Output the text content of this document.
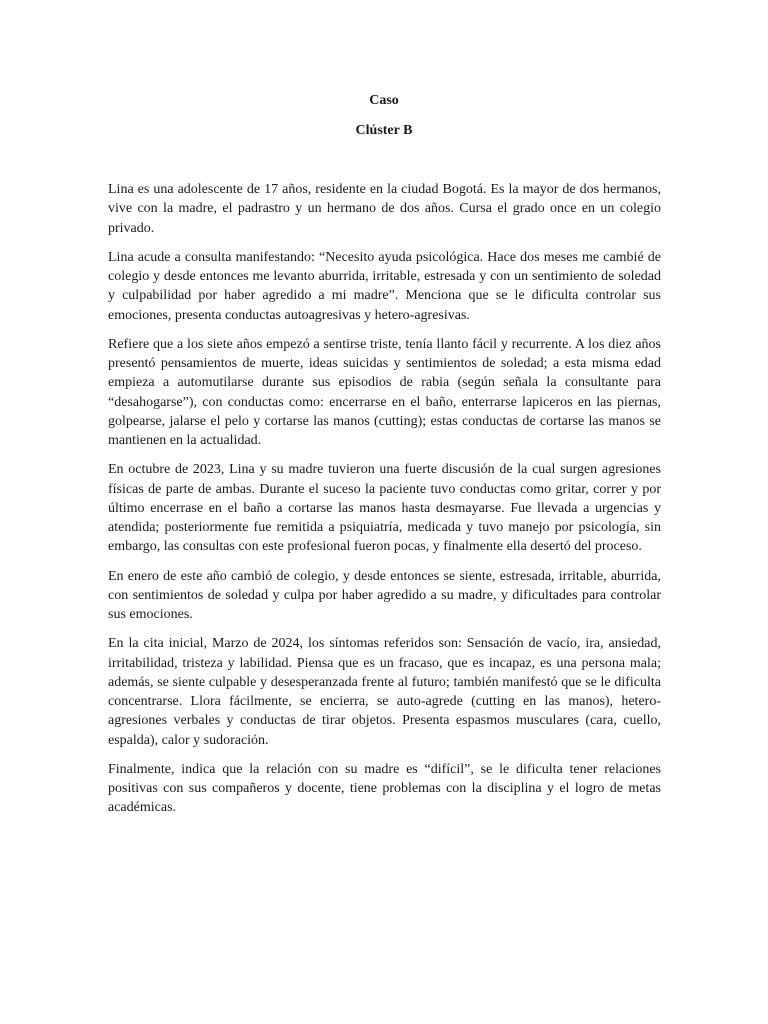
Caso

Clúster B

Lina es una adolescente de 17 años, residente en la ciudad Bogotá. Es la mayor de dos hermanos, vive con la madre, el padrastro y un hermano de dos años. Cursa el grado once en un colegio privado.

Lina acude a consulta manifestando: “Necesito ayuda psicológica. Hace dos meses me cambié de colegio y desde entonces me levanto aburrida, irritable, estresada y con un sentimiento de soledad y culpabilidad por haber agredido a mi madre”. Menciona que se le dificulta controlar sus emociones, presenta conductas autoagresivas y hetero-agresivas.

Refiere que a los siete años empezó a sentirse triste, tenía llanto fácil y recurrente. A los diez años presentó pensamientos de muerte, ideas suicidas y sentimientos de soledad; a esta misma edad empieza a automutilarse durante sus episodios de rabia (según señala la consultante para “desahogarse”), con conductas como: encerrarse en el baño, enterrarse lapiceros en las piernas, golpearse, jalarse el pelo y cortarse las manos (cutting); estas conductas de cortarse las manos se mantienen en la actualidad.

En octubre de 2023, Lina y su madre tuvieron una fuerte discusión de la cual surgen agresiones físicas de parte de ambas. Durante el suceso la paciente tuvo conductas como gritar, correr y por último encerrase en el baño a cortarse las manos hasta desmayarse. Fue llevada a urgencias y atendida; posteriormente fue remitida a psiquiatría, medicada y tuvo manejo por psicología, sin embargo, las consultas con este profesional fueron pocas, y finalmente ella desertó del proceso.

En enero de este año cambió de colegio, y desde entonces se siente, estresada, irritable, aburrida, con sentimientos de soledad y culpa por haber agredido a su madre, y dificultades para controlar sus emociones.

En la cita inicial, Marzo de 2024, los síntomas referidos son: Sensación de vacío, ira, ansiedad, irritabilidad, tristeza y labilidad. Piensa que es un fracaso, que es incapaz, es una persona mala; además, se siente culpable y desesperanzada frente al futuro; también manifestó que se le dificulta concentrarse. Llora fácilmente, se encierra, se auto-agrede (cutting en las manos), hetero-agresiones verbales y conductas de tirar objetos. Presenta espasmos musculares (cara, cuello, espalda), calor y sudoración.

Finalmente, indica que la relación con su madre es “difícil”, se le dificulta tener relaciones positivas con sus compañeros y docente, tiene problemas con la disciplina y el logro de metas académicas.
